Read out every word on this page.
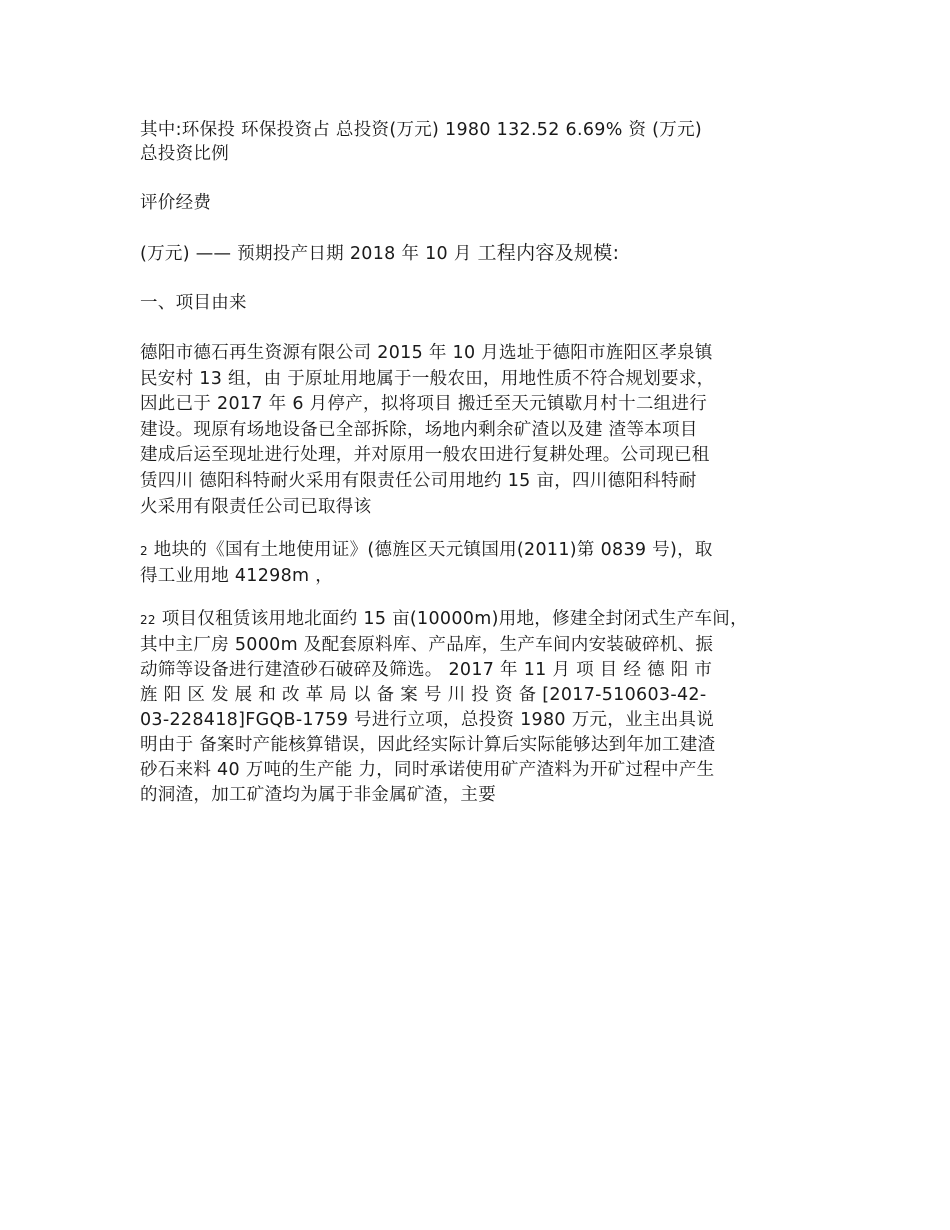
其中:环保投 环保投资占 总投资(万元) 1980 132.52 6.69% 资 (万元)
总投资比例

评价经费

(万元) —— 预期投产日期 2018 年 10 月 工程内容及规模:

一、项目由来

德阳市德石再生资源有限公司 2015 年 10 月选址于德阳市旌阳区孝泉镇
民安村 13 组，由 于原址用地属于一般农田，用地性质不符合规划要求，
因此已于 2017 年 6 月停产，拟将项目 搬迁至天元镇歇月村十二组进行
建设。现原有场地设备已全部拆除，场地内剩余矿渣以及建 渣等本项目
建成后运至现址进行处理，并对原用一般农田进行复耕处理。公司现已租
赁四川 德阳科特耐火采用有限责任公司用地约 15 亩，四川德阳科特耐
火采用有限责任公司已取得该

2 地块的《国有土地使用证》(德旌区天元镇国用(2011)第 0839 号)，取
得工业用地 41298m ，

22 项目仅租赁该用地北面约 15 亩(10000m)用地，修建全封闭式生产车间，
其中主厂房 5000m 及配套原料库、产品库，生产车间内安装破碎机、振
动筛等设备进行建渣砂石破碎及筛选。 2017 年 11 月 项 目 经 德 阳 市
旌 阳 区 发 展 和 改 革 局 以 备 案 号 川 投 资 备 [2017-510603-42-
03-228418]FGQB-1759 号进行立项，总投资 1980 万元，业主出具说
明由于 备案时产能核算错误，因此经实际计算后实际能够达到年加工建渣
砂石来料 40 万吨的生产能 力，同时承诺使用矿产渣料为开矿过程中产生
的洞渣，加工矿渣均为属于非金属矿渣，主要
